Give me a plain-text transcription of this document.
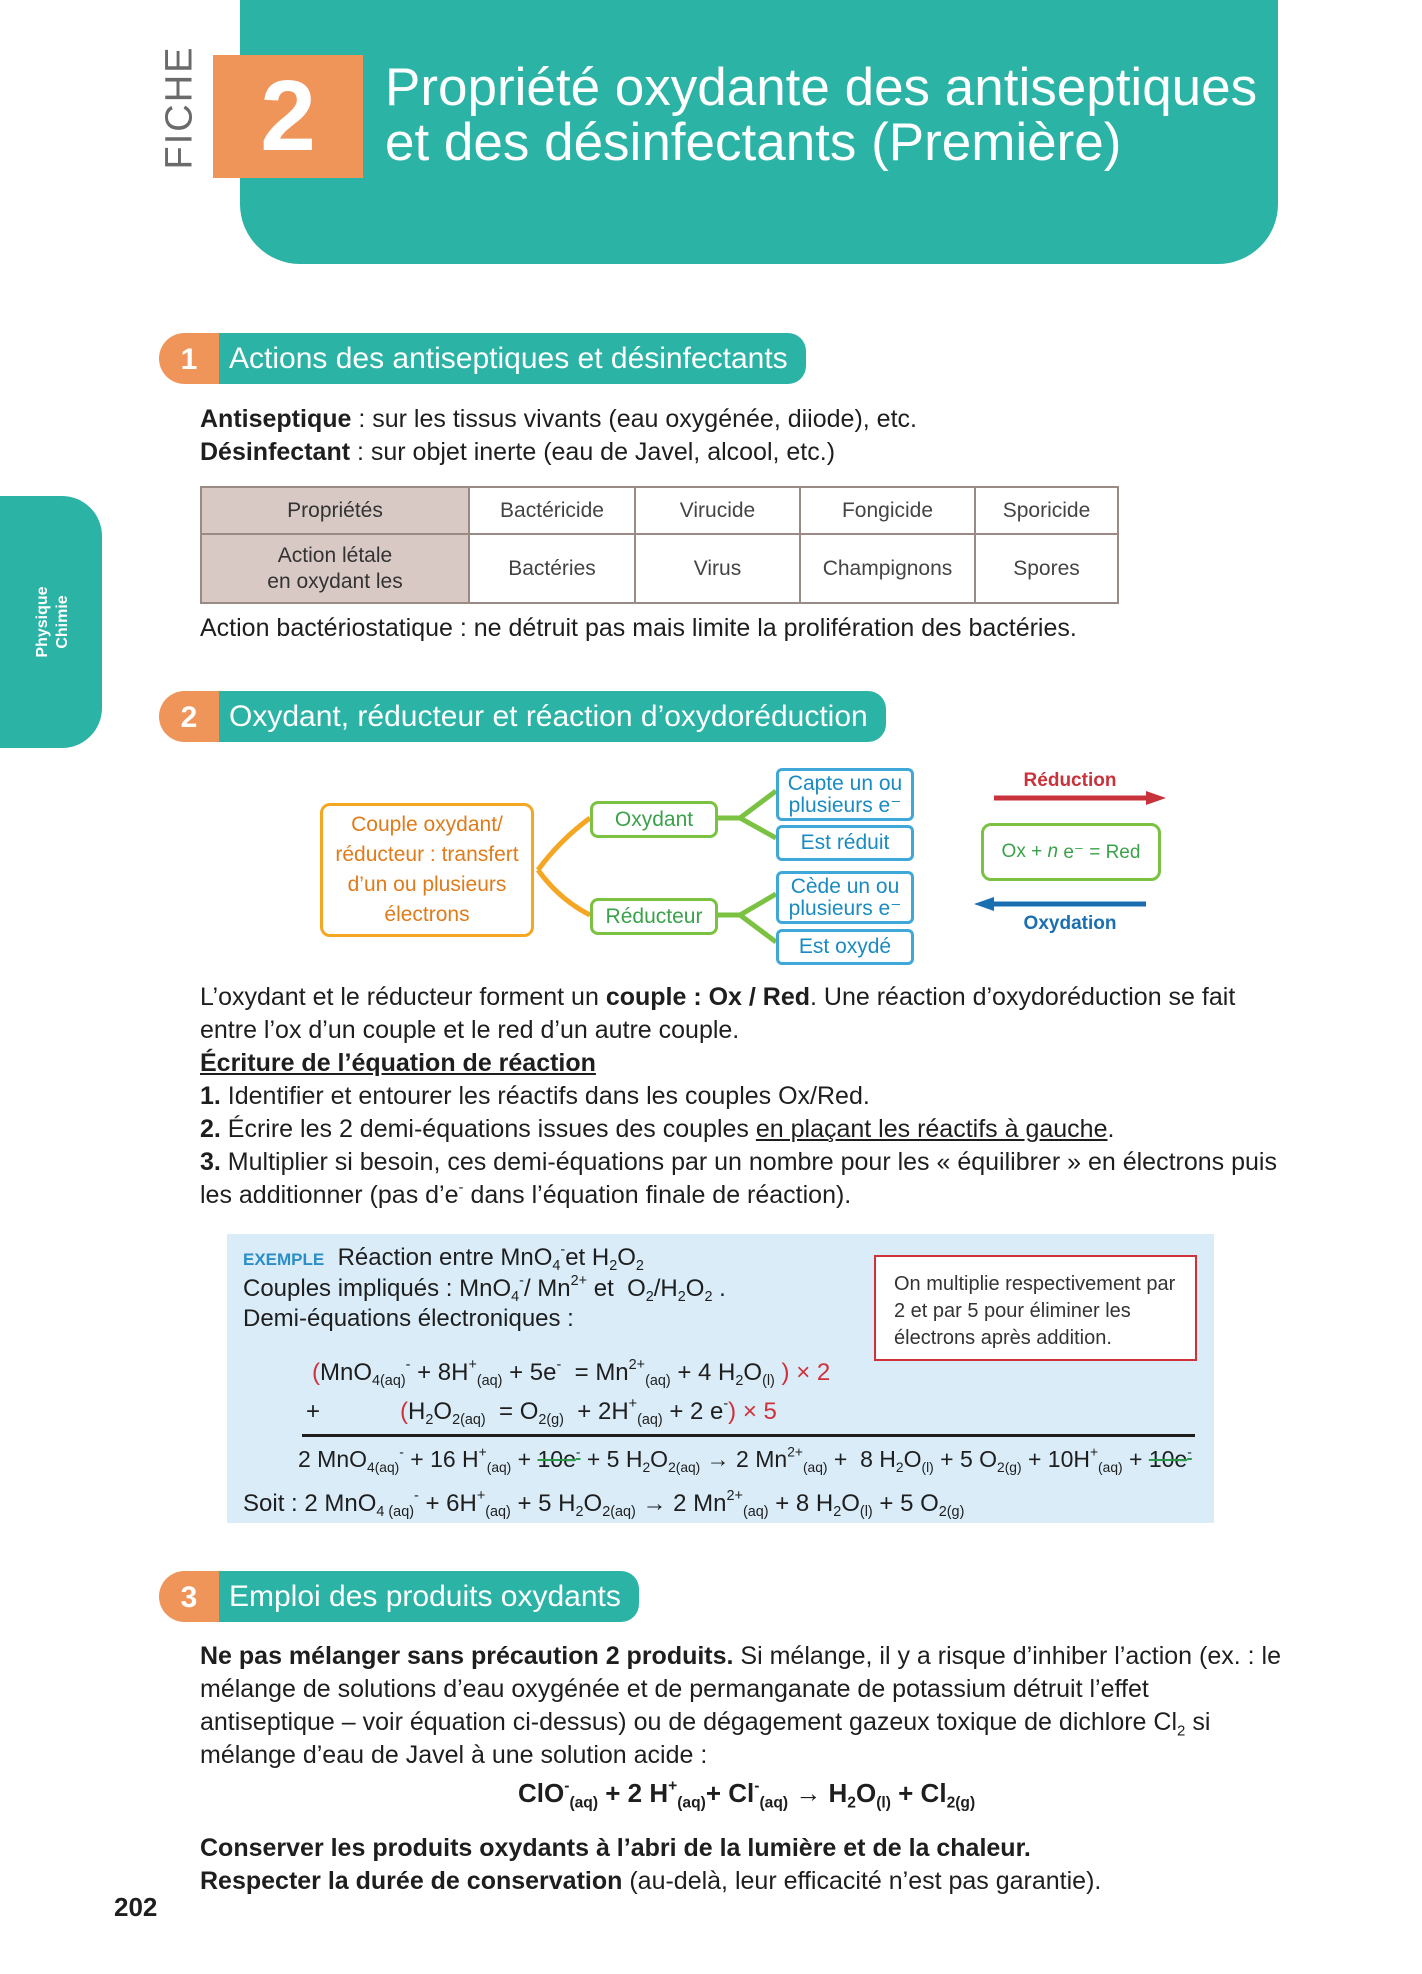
FICHE 2	Propriété oxydante des antiseptiques et des désinfectants (Première)
Physique Chimie
1	Actions des antiseptiques et désinfectants
Antiseptique : sur les tissus vivants (eau oxygénée, diiode), etc.
Désinfectant : sur objet inerte (eau de Javel, alcool, etc.)
Propriétés	Bactéricide	Virucide	Fongicide	Sporicide

Action létale
en oxydant les	Bactéries	Virus	Champignons	Spores
Action bactériostatique : ne détruit pas mais limite la prolifération des bactéries.
2	Oxydant, réducteur et réaction d’oxydoréduction
Couple oxydant/ réducteur : transfert d’un ou plusieurs électrons
Oxydant
Réducteur
Capte un ou plusieurs e⁻
Est réduit
Cède un ou plusieurs e⁻
Est oxydé
Réduction
Oxydation
Ox + n e⁻ = Red
L’oxydant et le réducteur forment un couple : Ox / Red. Une réaction d’oxydoréduction se fait entre l’ox d’un couple et le red d’un autre couple.
Écriture de l’équation de réaction
1. Identifier et entourer les réactifs dans les couples Ox/Red.
2. Écrire les 2 demi-équations issues des couples en plaçant les réactifs à gauche.
3. Multiplier si besoin, ces demi-équations par un nombre pour les « équilibrer » en électrons puis les additionner (pas d’e- dans l’équation finale de réaction).
EXEMPLE Réaction entre MnO$_4$-et $H_2O_2$
Couples impliqués : MnO$_4$-/ $Mn^{2+}$ et  $O_2/H_2O_2$ .
Demi-équations électroniques :
On multiplie respectivement par 2 et par 5 pour éliminer les électrons après addition.
($MnO_{4(aq)}^- + 8H^+_{(aq)} + 5e^- = Mn^{2+}_{(aq)} + 4$ $H_2O_{(l)}$ ) × 2
+            ($H_2O_{2(aq)} = O_{2(g)} + 2H^+_{(aq)} + 2$ e-) × 5
2 MnO$_{4(aq)}$- + 16 $H^+_{(aq)} + 10e^- + 5$ $H_2O_{2(aq)} \to 2$ $Mn^{2+}_{(aq)} + 8$ $H_2O_{(l)} + 5$ $O_{2(g)} + 10H^+_{(aq)} + 10e^-$
Soit : 2 $MnO_{4 (aq)}^- + 6H^+_{(aq)} + 5$ $H_2O_{2(aq)} \to 2$ $Mn^{2+}_{(aq)} + 8$ $H_2O_{(l)} + 5$ $O_{2(g)}$
3	Emploi des produits oxydants
Ne pas mélanger sans précaution 2 produits. Si mélange, il y a risque d’inhiber l’action (ex. : le mélange de solutions d’eau oxygénée et de permanganate de potassium détruit l’effet antiseptique – voir équation ci-dessus) ou de dégagement gazeux toxique de dichlore $Cl_2$ si mélange d’eau de Javel à une solution acide :
ClO-$_{(aq)}$ + 2 $H^+_{(aq)}+ Cl^-_{(aq)} \to H_2O_{(l)} + Cl_{2(g)}$
Conserver les produits oxydants à l’abri de la lumière et de la chaleur.
Respecter la durée de conservation (au-delà, leur efficacité n’est pas garantie).
202
